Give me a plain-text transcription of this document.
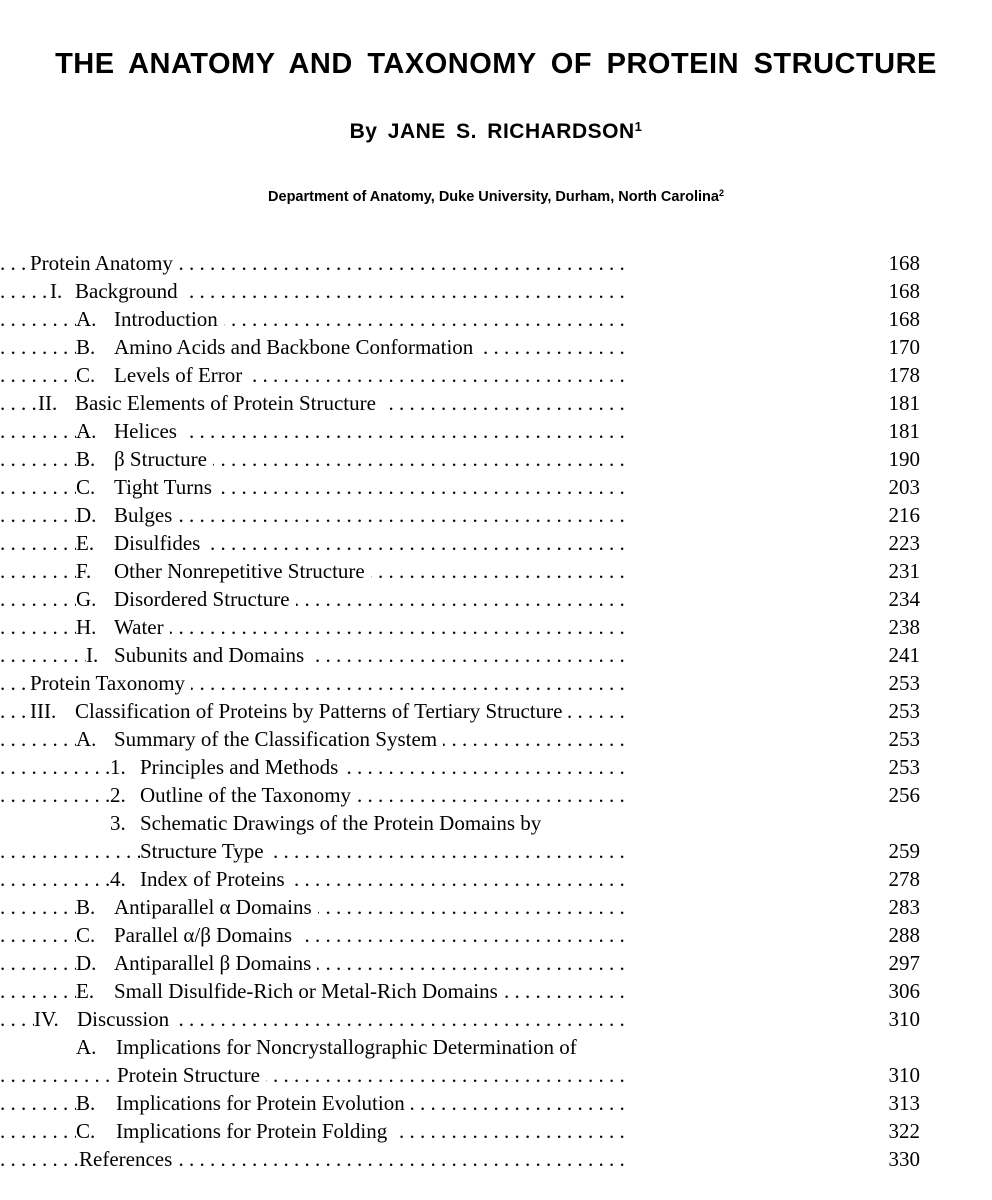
THE ANATOMY AND TAXONOMY OF PROTEIN STRUCTURE
By JANE S. RICHARDSON$^1$
Department of Anatomy, Duke University, Durham, North Carolina$^2$
Protein Anatomy . .	168
I. Background . .	168
A. Introduction . .	168
B. Amino Acids and Backbone Conformation . .	170
C. Levels of Error . .	178
II. Basic Elements of Protein Structure . .	181
A. Helices . .	181
B. β Structure . .	190
C. Tight Turns . .	203
D. Bulges . .	216
E. Disulfides . .	223
F. Other Nonrepetitive Structure . .	231
G. Disordered Structure . .	234
H. Water . .	238
I. Subunits and Domains . .	241
Protein Taxonomy . .	253
III. Classification of Proteins by Patterns of Tertiary Structure . .	253
A. Summary of the Classification System . .	253
1. Principles and Methods . .	253
2. Outline of the Taxonomy . .	256
3. Schematic Drawings of the Protein Domains by
Structure Type . .	259
4. Index of Proteins . .	278
B. Antiparallel α Domains . .	283
C. Parallel α/β Domains . .	288
D. Antiparallel β Domains . .	297
E. Small Disulfide-Rich or Metal-Rich Domains . .	306
IV. Discussion . .	310
A. Implications for Noncrystallographic Determination of
Protein Structure . .	310
B. Implications for Protein Evolution . .	313
C. Implications for Protein Folding . .	322
References . .	330
